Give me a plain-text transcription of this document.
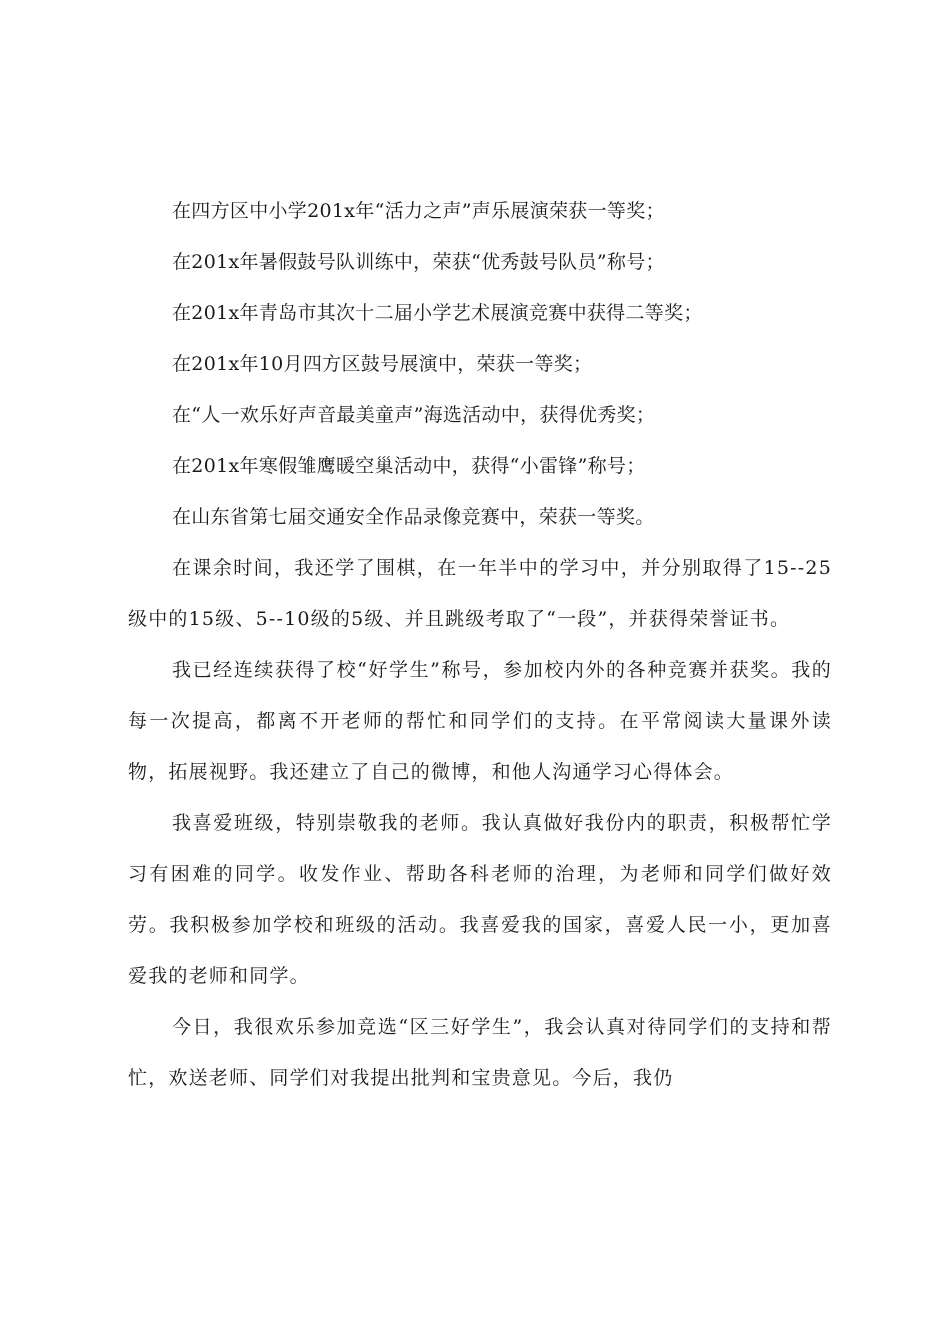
在四方区中小学201x年“活力之声”声乐展演荣获一等奖；

在201x年暑假鼓号队训练中，荣获“优秀鼓号队员”称号；

在201x年青岛市其次十二届小学艺术展演竞赛中获得二等奖；

在201x年10月四方区鼓号展演中，荣获一等奖；

在“人一欢乐好声音最美童声”海选活动中，获得优秀奖；

在201x年寒假雏鹰暖空巢活动中，获得“小雷锋”称号；

在山东省第七届交通安全作品录像竞赛中，荣获一等奖。

在课余时间，我还学了围棋，在一年半中的学习中，并分别取得了15--25级中的15级、5--10级的5级、并且跳级考取了“一段”，并获得荣誉证书。

我已经连续获得了校“好学生”称号，参加校内外的各种竞赛并获奖。我的每一次提高，都离不开老师的帮忙和同学们的支持。在平常阅读大量课外读物，拓展视野。我还建立了自己的微博，和他人沟通学习心得体会。

我喜爱班级，特别崇敬我的老师。我认真做好我份内的职责，积极帮忙学习有困难的同学。收发作业、帮助各科老师的治理，为老师和同学们做好效劳。我积极参加学校和班级的活动。我喜爱我的国家，喜爱人民一小，更加喜爱我的老师和同学。

今日，我很欢乐参加竞选“区三好学生”，我会认真对待同学们的支持和帮忙，欢送老师、同学们对我提出批判和宝贵意见。今后，我仍
